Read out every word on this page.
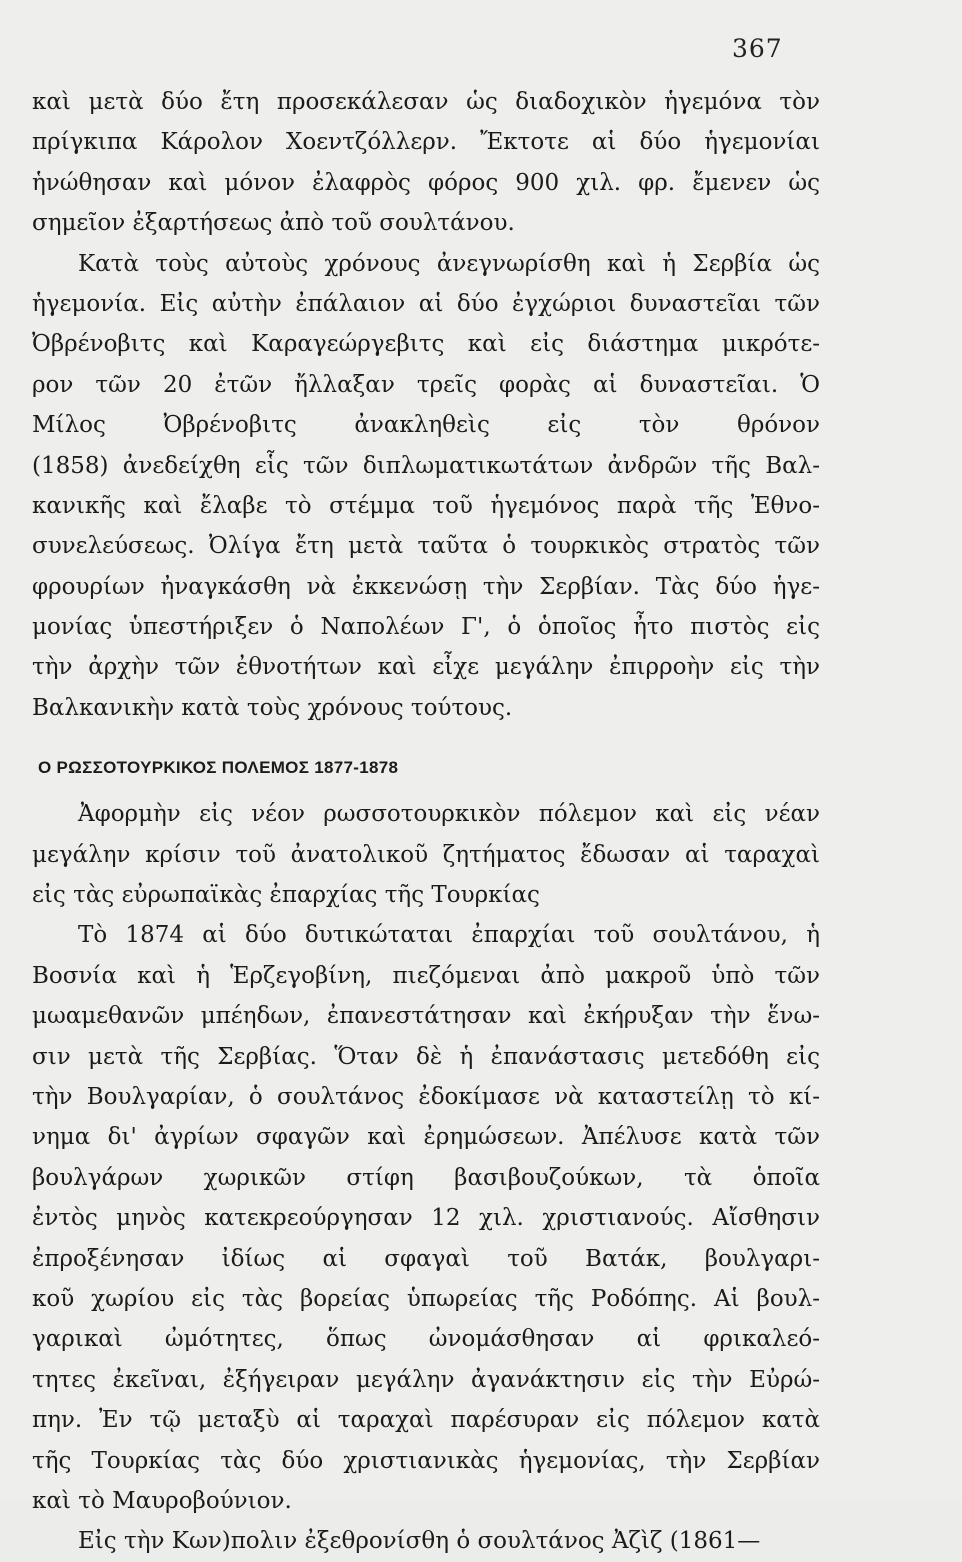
367
καὶ μετὰ δύο ἔτη προσεκάλεσαν ὡς διαδοχικὸν ἡγεμόνα τὸν
πρίγκιπα Κάρολον Χοεντζόλλερν. Ἔκτοτε αἱ δύο ἡγεμονίαι
ἡνώθησαν καὶ μόνον ἐλαφρὸς φόρος 900 χιλ. φρ. ἔμενεν ὡς
σημεῖον ἐξαρτήσεως ἀπὸ τοῦ σουλτάνου.
Κατὰ τοὺς αὐτοὺς χρόνους ἀνεγνωρίσθη καὶ ἡ Σερβία ὡς
ἡγεμονία. Εἰς αὐτὴν ἐπάλαιον αἱ δύο ἐγχώριοι δυναστεῖαι τῶν
Ὀβρένοβιτς καὶ Καραγεώργεβιτς καὶ εἰς διάστημα μικρότε-
ρον τῶν 20 ἐτῶν ἤλλαξαν τρεῖς φορὰς αἱ δυναστεῖαι. Ὁ
Μίλος Ὀβρένοβιτς ἀνακληθεὶς εἰς τὸν θρόνον
(1858) ἀνεδείχθη εἷς τῶν διπλωματικωτάτων ἀνδρῶν τῆς Βαλ-
κανικῆς καὶ ἔλαβε τὸ στέμμα τοῦ ἡγεμόνος παρὰ τῆς Ἐθνο-
συνελεύσεως. Ὀλίγα ἔτη μετὰ ταῦτα ὁ τουρκικὸς στρατὸς τῶν
φρουρίων ἠναγκάσθη νὰ ἐκκενώσῃ τὴν Σερβίαν. Τὰς δύο ἡγε-
μονίας ὑπεστήριξεν ὁ Ναπολέων Γ', ὁ ὁποῖος ἦτο πιστὸς εἰς
τὴν ἀρχὴν τῶν ἐθνοτήτων καὶ εἶχε μεγάλην ἐπιρροὴν εἰς τὴν
Βαλκανικὴν κατὰ τοὺς χρόνους τούτους.
Ο ΡΩΣΣΟΤΟΥΡΚΙΚΟΣ ΠΟΛΕΜΟΣ 1877-1878
Ἀφορμὴν εἰς νέον ρωσσοτουρκικὸν πόλεμον καὶ εἰς νέαν
μεγάλην κρίσιν τοῦ ἀνατολικοῦ ζητήματος ἔδωσαν αἱ ταραχαὶ
εἰς τὰς εὐρωπαϊκὰς ἐπαρχίας τῆς Τουρκίας
Τὸ 1874 αἱ δύο δυτικώταται ἐπαρχίαι τοῦ σουλτάνου, ἡ
Βοσνία καὶ ἡ Ἑρζεγοβίνη, πιεζόμεναι ἀπὸ μακροῦ ὑπὸ τῶν
μωαμεθανῶν μπέηδων, ἐπανεστάτησαν καὶ ἐκήρυξαν τὴν ἕνω-
σιν μετὰ τῆς Σερβίας. Ὅταν δὲ ἡ ἐπανάστασις μετεδόθη εἰς
τὴν Βουλγαρίαν, ὁ σουλτάνος ἐδοκίμασε νὰ καταστείλῃ τὸ κί-
νημα δι' ἀγρίων σφαγῶν καὶ ἐρημώσεων. Ἀπέλυσε κατὰ τῶν
βουλγάρων χωρικῶν στίφη βασιβουζούκων, τὰ ὁποῖα
ἐντὸς μηνὸς κατεκρεούργησαν 12 χιλ. χριστιανούς. Αἴσθησιν
ἐπροξένησαν ἰδίως αἱ σφαγαὶ τοῦ Βατάκ, βουλγαρι-
κοῦ χωρίου εἰς τὰς βορείας ὑπωρείας τῆς Ροδόπης. Αἱ βουλ-
γαρικαὶ ὠμότητες, ὅπως ὠνομάσθησαν αἱ φρικαλεό-
τητες ἐκεῖναι, ἐξήγειραν μεγάλην ἀγανάκτησιν εἰς τὴν Εὐρώ-
πην. Ἐν τῷ μεταξὺ αἱ ταραχαὶ παρέσυραν εἰς πόλεμον κατὰ
τῆς Τουρκίας τὰς δύο χριστιανικὰς ἡγεμονίας, τὴν Σερβίαν
καὶ τὸ Μαυροβούνιον.
Εἰς τὴν Κων)πολιν ἐξεθρονίσθη ὁ σουλτάνος Ἀζὶζ (1861—
